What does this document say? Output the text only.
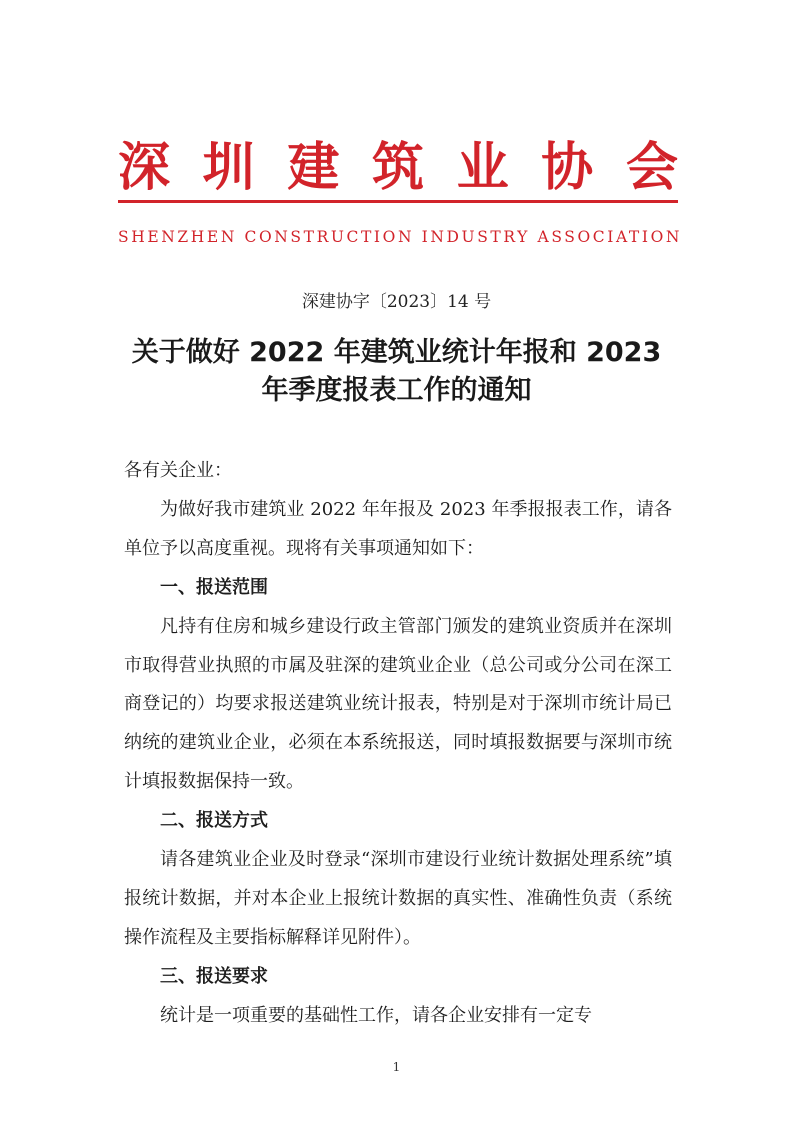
深 圳 建 筑 业 协 会
SHENZHEN CONSTRUCTION INDUSTRY ASSOCIATION
深建协字〔2023〕14 号
关于做好 2022 年建筑业统计年报和 2023
年季度报表工作的通知

各有关企业：

为做好我市建筑业 2022 年年报及 2023 年季报报表工作，请各单位予以高度重视。现将有关事项通知如下：

一、报送范围

凡持有住房和城乡建设行政主管部门颁发的建筑业资质并在深圳市取得营业执照的市属及驻深的建筑业企业（总公司或分公司在深工商登记的）均要求报送建筑业统计报表，特别是对于深圳市统计局已纳统的建筑业企业，必须在本系统报送，同时填报数据要与深圳市统计填报数据保持一致。

二、报送方式

请各建筑业企业及时登录“深圳市建设行业统计数据处理系统”填报统计数据，并对本企业上报统计数据的真实性、准确性负责（系统操作流程及主要指标解释详见附件）。

三、报送要求

统计是一项重要的基础性工作，请各企业安排有一定专

1
